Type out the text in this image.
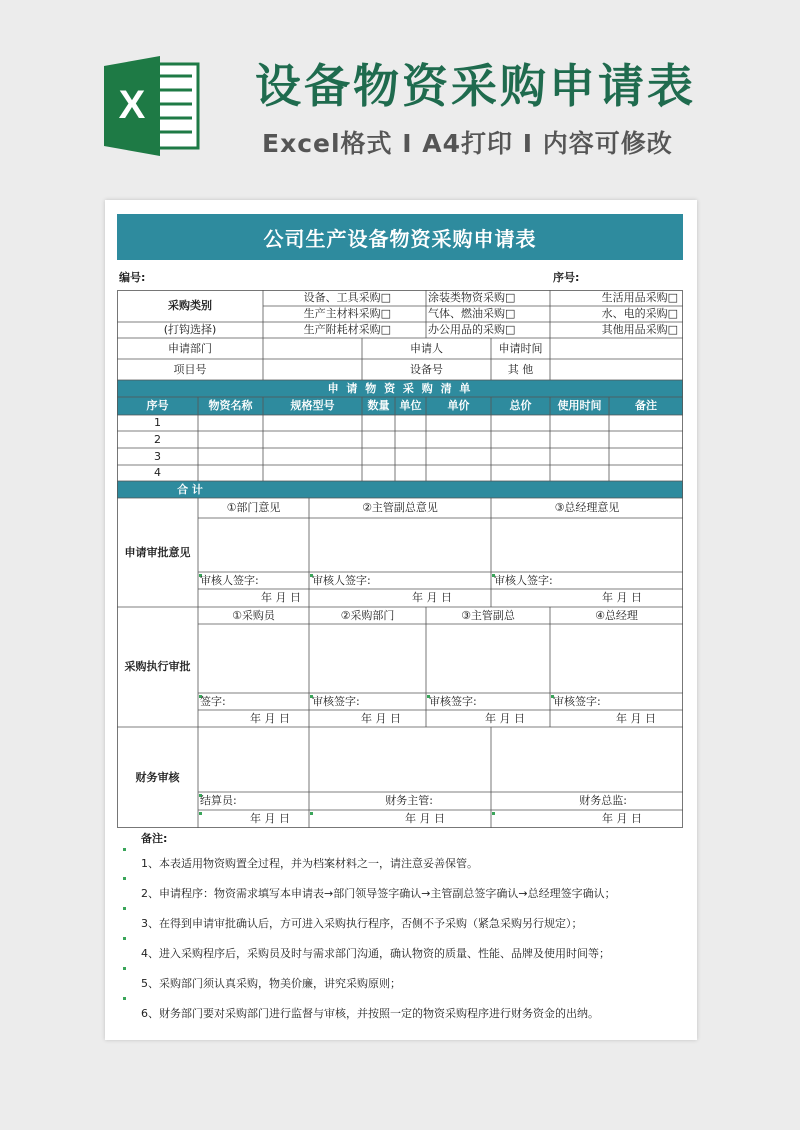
X 设备物资采购申请表
Excel格式 I A4打印 I 内容可修改
公司生产设备物资采购申请表
编号:	序号:
采购类别
(打钩选择)
设备、工具采购□	涂装类物资采购□	生活用品采购□
生产主材料采购□	气体、燃油采购□	水、电的采购□
生产附耗材采购□	办公用品的采购□	其他用品采购□
申请部门	申请人	申请时间
项目号	设备号	其 他
申 请 物 资 采 购 清 单
序号	物资名称	规格型号	数量 单位	单价	总价	使用时间	备注
1
2
3
4
合 计
申请审批意见
①部门意见	②主管副总意见	③总经理意见
审核人签字:	审核人签字:	审核人签字:
年 月 日	年 月 日	年 月 日
采购执行审批
①采购员	②采购部门	③主管副总	④总经理
签字:	审核签字:	审核签字:	审核签字:
年 月 日	年 月 日	年 月 日	年 月 日
财务审核
结算员:	财务主管:	财务总监:
年 月 日	年 月 日	年 月 日
备注:
1、本表适用物资购置全过程，并为档案材料之一，请注意妥善保管。
2、申请程序：物资需求填写本申请表→部门领导签字确认→主管副总签字确认→总经理签字确认；
3、在得到申请审批确认后，方可进入采购执行程序，否侧不予采购（紧急采购另行规定）；
4、进入采购程序后，采购员及时与需求部门沟通，确认物资的质量、性能、品牌及使用时间等；
5、采购部门须认真采购，物美价廉，讲究采购原则；
6、财务部门要对采购部门进行监督与审核，并按照一定的物资采购程序进行财务资金的出纳。
